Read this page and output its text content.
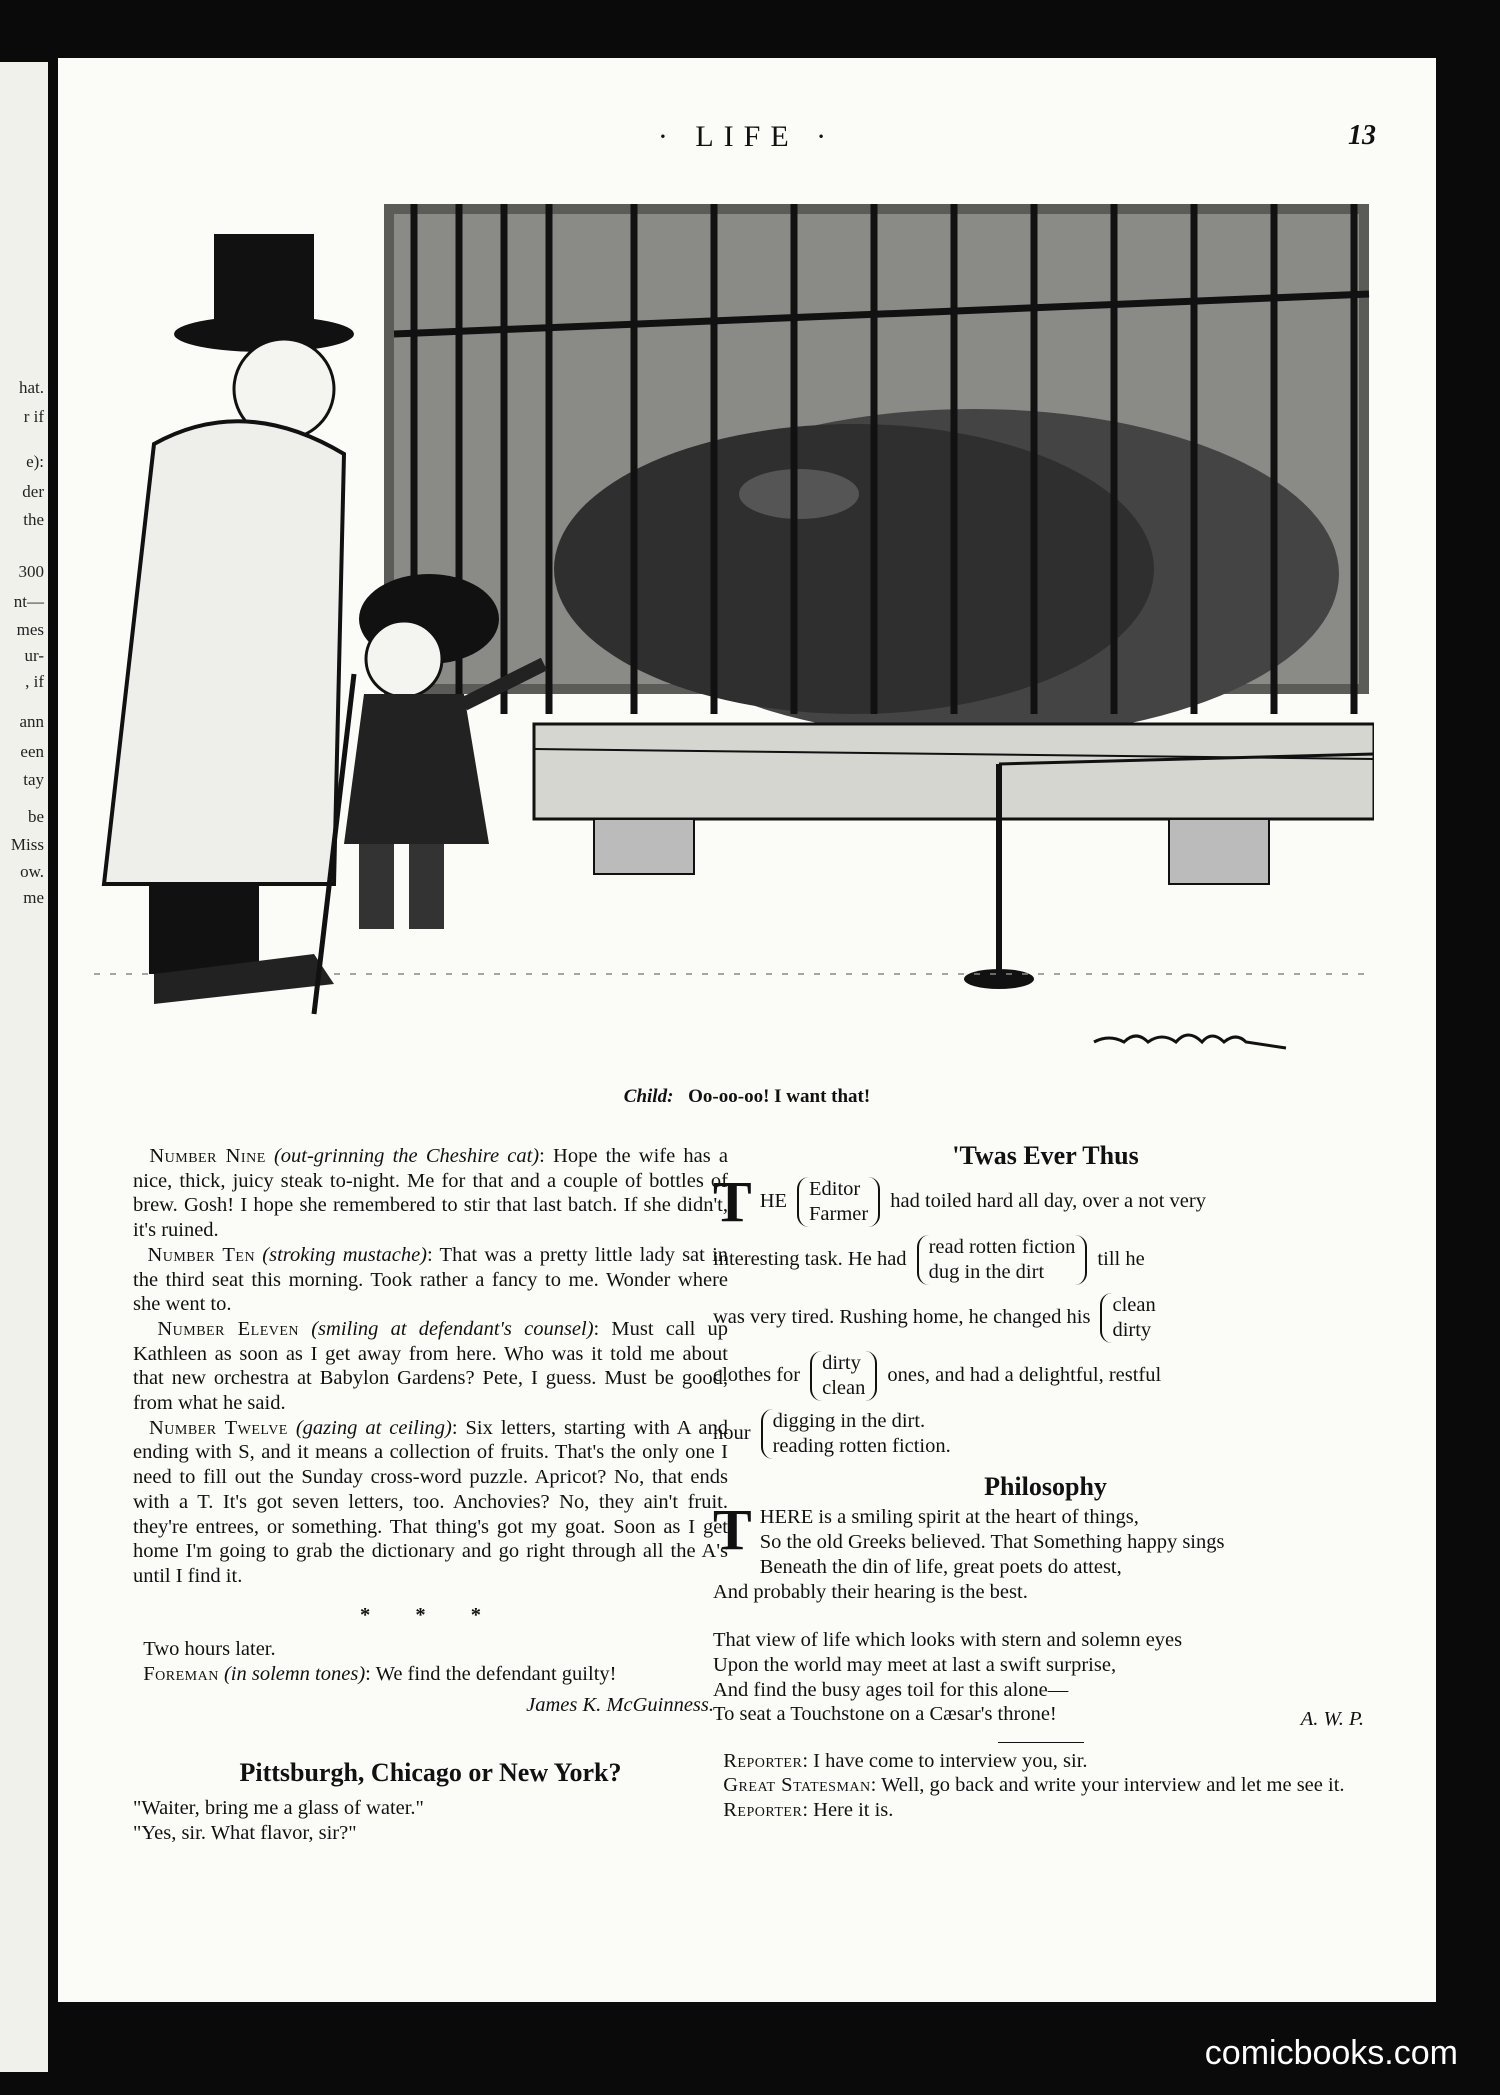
hat.
r if
e):
der
the
300
nt—
mes
ur-
, if
ann
een
tay
be
Miss
ow.
me
· LIFE ·	13
Child: Oo-oo-oo! I want that!

Number Nine (out-grinning the Cheshire cat): Hope the wife has a nice, thick, juicy steak to-night. Me for that and a couple of bottles of brew. Gosh! I hope she remembered to stir that last batch. If she didn't, it's ruined.

Number Ten (stroking mustache): That was a pretty little lady sat in the third seat this morning. Took rather a fancy to me. Wonder where she went to.

Number Eleven (smiling at defendant's counsel): Must call up Kathleen as soon as I get away from here. Who was it told me about that new orchestra at Babylon Gardens? Pete, I guess. Must be good, from what he said.

Number Twelve (gazing at ceiling): Six letters, starting with A and ending with S, and it means a collection of fruits. That's the only one I need to fill out the Sunday cross-word puzzle. Apricot? No, that ends with a T. It's got seven letters, too. Anchovies? No, they ain't fruit. they're entrees, or something. That thing's got my goat. Soon as I get home I'm going to grab the dictionary and go right through all the A's until I find it.

* * *

Two hours later.

Foreman (in solemn tones): We find the defendant guilty!

James K. McGuinness.
Pittsburgh, Chicago or New York?

"Waiter, bring me a glass of water."

"Yes, sir. What flavor, sir?"

'Twas Ever Thus
T HE
Editor
Farmer
had toiled hard all day, over a not very
interesting task. He had
read rotten fiction
dug in the dirt
till he
was very tired. Rushing home, he changed his
clean
dirty
clothes for
dirty
clean
ones, and had a delightful, restful
hour
digging in the dirt.
reading rotten fiction.
Philosophy
T HERE is a smiling spirit at the heart of things,

So the old Greeks believed. That Something happy sings

Beneath the din of life, great poets do attest,

And probably their hearing is the best.

That view of life which looks with stern and solemn eyes

Upon the world may meet at last a swift surprise,

And find the busy ages toil for this alone—

To seat a Touchstone on a Cæsar's throne!	A. W. P.

Reporter: I have come to interview you, sir.

Great Statesman: Well, go back and write your interview and let me see it.

Reporter: Here it is.

comicbooks.com
